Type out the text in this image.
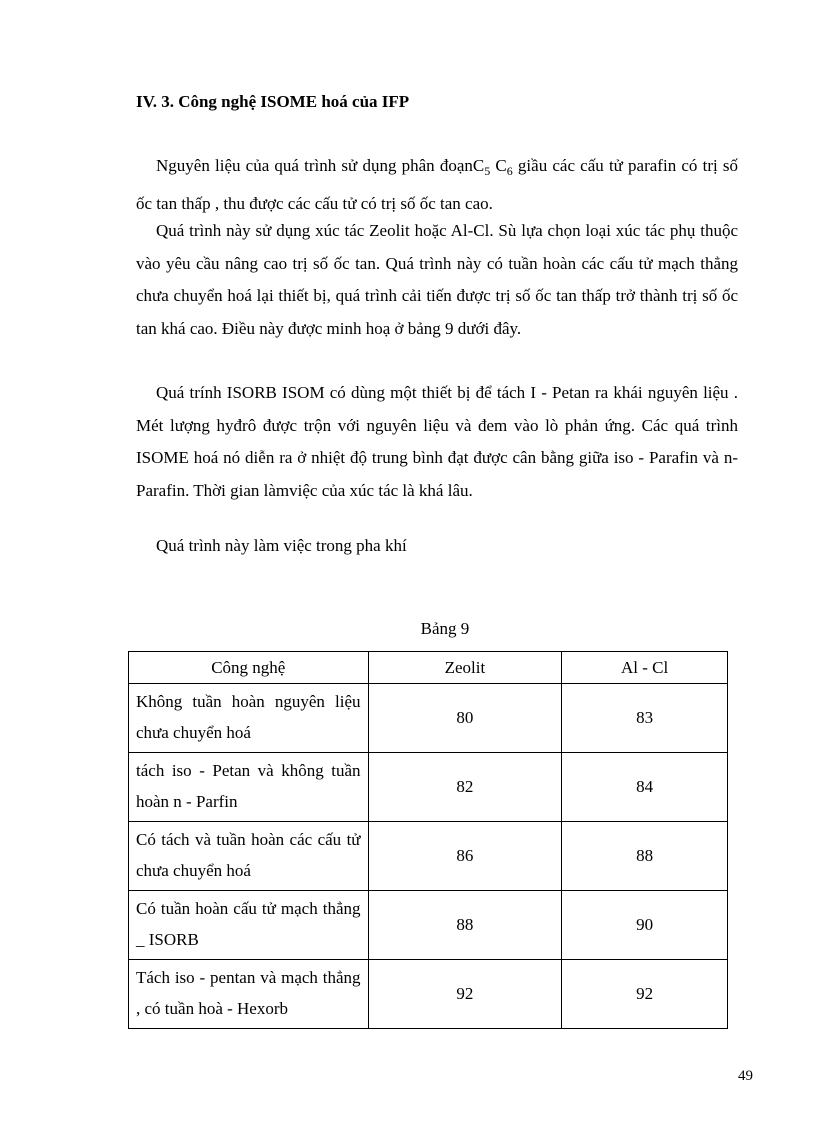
IV. 3. Công nghệ ISOME hoá của IFP
Nguyên liệu của quá trình sử dụng phân đoạnC$_5$ $C_6$ giầu các cấu tử parafin có trị số ốc tan thấp , thu được các cấu tử có trị số ốc tan cao.
Quá trình này sử dụng xúc tác Zeolit hoặc Al-Cl. Sù lựa chọn loại xúc tác phụ thuộc vào yêu cầu nâng cao trị số ốc tan. Quá trình này có tuần hoàn các cấu tử mạch thẳng chưa chuyển hoá lại thiết bị, quá trình cải tiến được trị số ốc tan thấp trở thành trị số ốc tan khá cao. Điều này được minh hoạ ở bảng 9 dưới đây.
Quá trính ISORB ISOM có dùng một thiết bị để tách I - Petan ra khái nguyên liệu . Mét lượng hyđrô được trộn với nguyên liệu và đem vào lò phản ứng. Các quá trình ISOME hoá nó diễn ra ở nhiệt độ trung bình đạt được cân bằng giữa iso - Parafin và n-Parafin. Thời gian làmviệc của xúc tác là khá lâu.
Quá trình này làm việc trong pha khí
Bảng 9
Công nghệ	Zeolit	Al - Cl
Không tuần hoàn nguyên liệu chưa chuyển hoá	80	83
tách iso - Petan và không tuần hoàn n - Parfin	82	84
Có tách và tuần hoàn các cấu tử chưa chuyển hoá	86	88
Có tuần hoàn cấu tử mạch thẳng _ ISORB	88	90
Tách iso - pentan và mạch thẳng , có tuần hoà - Hexorb	92	92
49
